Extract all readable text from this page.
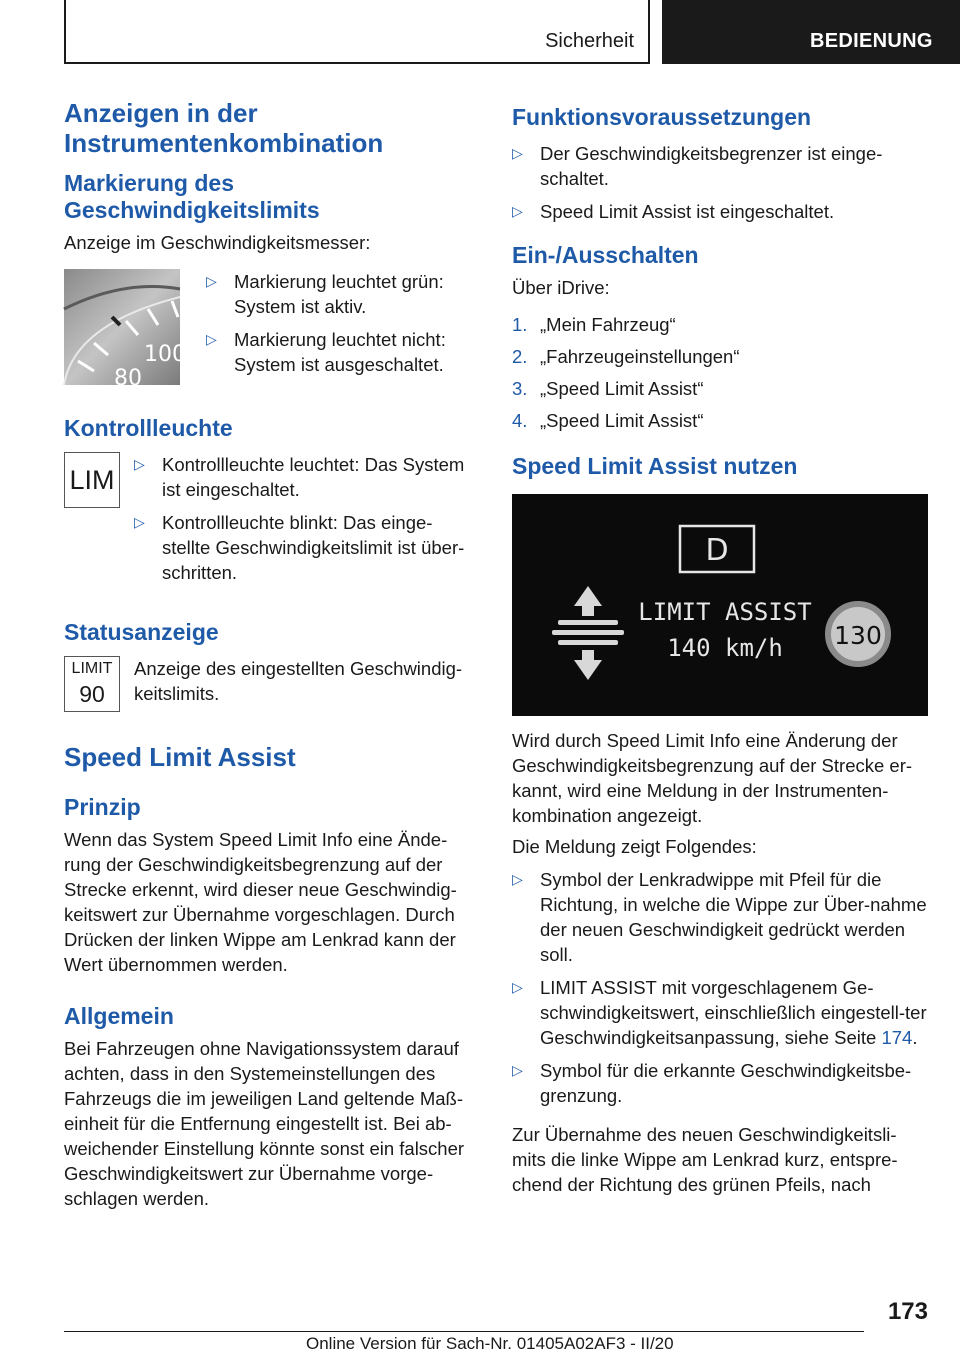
Sicherheit	BEDIENUNG
Anzeigen in der Instrumentenkombination
Markierung des Geschwindigkeitslimits

Anzeige im Geschwindigkeitsmesser:

100
80
▷ Markierung leuchtet grün: System ist aktiv.
▷ Markierung leuchtet nicht: System ist ausgeschaltet.
Kontrollleuchte
LIM
▷	Kontrollleuchte leuchtet: Das System ist eingeschaltet.
▷ Kontrollleuchte blinkt: Das einge-stellte Geschwindigkeitslimit ist über-schritten.
Statusanzeige
LIMIT
90

Anzeige des eingestellten Geschwindig-keitslimits.

Speed Limit Assist
Prinzip

Wenn das System Speed Limit Info eine Ände-rung der Geschwindigkeitsbegrenzung auf der Strecke erkennt, wird dieser neue Geschwindig-keitswert zur Übernahme vorgeschlagen. Durch Drücken der linken Wippe am Lenkrad kann der Wert übernommen werden.

Allgemein

Bei Fahrzeugen ohne Navigationssystem darauf achten, dass in den Systemeinstellungen des Fahrzeugs die im jeweiligen Land geltende Maß-einheit für die Entfernung eingestellt ist. Bei ab-weichender Einstellung könnte sonst ein falscher Geschwindigkeitswert zur Übernahme vorge-schlagen werden.

Funktionsvoraussetzungen
▷ Der Geschwindigkeitsbegrenzer ist einge-schaltet.
▷ Speed Limit Assist ist eingeschaltet.
Ein-/Ausschalten

Über iDrive:

1. „Mein Fahrzeug“
2. „Fahrzeugeinstellungen“
3. „Speed Limit Assist“
4. „Speed Limit Assist“
Speed Limit Assist nutzen
D
LIMIT ASSIST
140 km/h 130

Wird durch Speed Limit Info eine Änderung der Geschwindigkeitsbegrenzung auf der Strecke er-kannt, wird eine Meldung in der Instrumenten-kombination angezeigt.

Die Meldung zeigt Folgendes:

▷ Symbol der Lenkradwippe mit Pfeil für die Richtung, in welche die Wippe zur Über-nahme der neuen Geschwindigkeit gedrückt werden soll.
▷ LIMIT ASSIST mit vorgeschlagenem Ge-schwindigkeitswert, einschließlich eingestell-ter Geschwindigkeitsanpassung, siehe Seite 174.
▷ Symbol für die erkannte Geschwindigkeitsbe-grenzung.

Zur Übernahme des neuen Geschwindigkeitsli-mits die linke Wippe am Lenkrad kurz, entspre-chend der Richtung des grünen Pfeils, nach

173
Online Version für Sach-Nr. 01405A02AF3 - II/20
